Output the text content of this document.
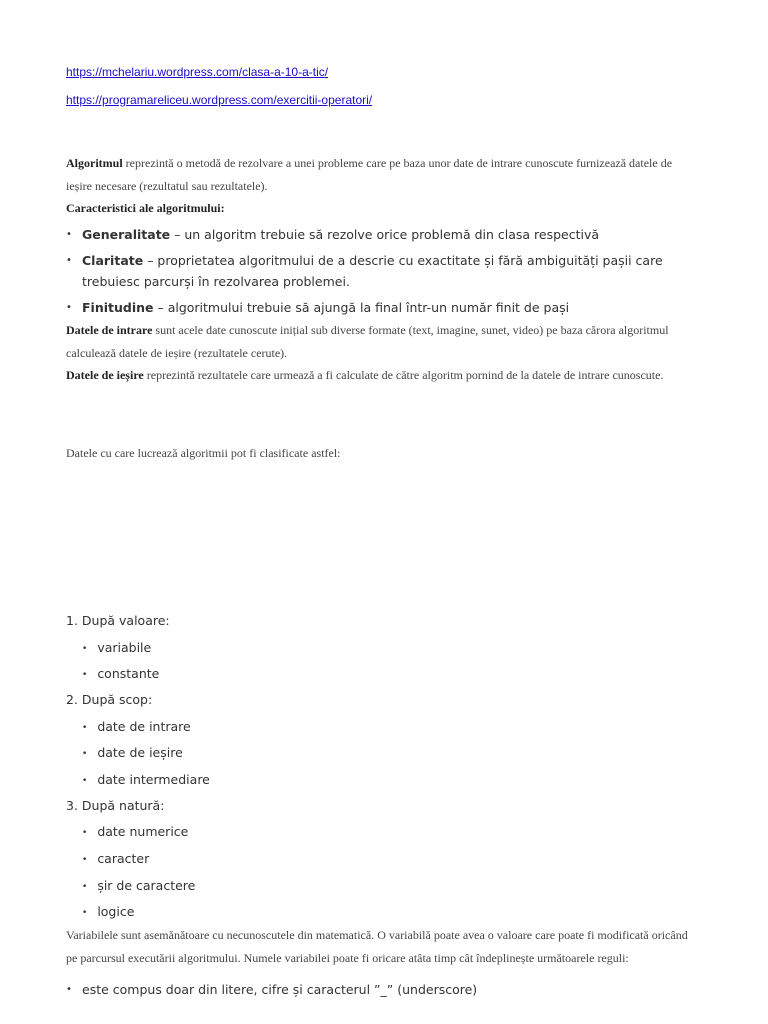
https://mchelariu.wordpress.com/clasa-a-10-a-tic/
https://programareliceu.wordpress.com/exercitii-operatori/
Algoritmul reprezintă o metodă de rezolvare a unei probleme care pe baza unor date de intrare cunoscute furnizează datele de ieșire necesare (rezultatul sau rezultatele).
Caracteristici ale algoritmului:
• Generalitate – un algoritm trebuie să rezolve orice problemă din clasa respectivă
• Claritate – proprietatea algoritmului de a descrie cu exactitate și fără ambiguități pașii care trebuiesc parcurși în rezolvarea problemei.
• Finitudine – algoritmului trebuie să ajungă la final într-un număr finit de pași
Datele de intrare sunt acele date cunoscute inițial sub diverse formate (text, imagine, sunet, video) pe baza cărora algoritmul calculează datele de ieșire (rezultatele cerute).
Datele de ieșire reprezintă rezultatele care urmează a fi calculate de către algoritm pornind de la datele de intrare cunoscute.
Datele cu care lucrează algoritmii pot fi clasificate astfel:
1. După valoare:
• variabile
• constante
2. După scop:
• date de intrare
• date de ieșire
• date intermediare
3. După natură:
• date numerice
• caracter
• șir de caractere
• logice
Variabilele sunt asemănătoare cu necunoscutele din matematică. O variabilă poate avea o valoare care poate fi modificată oricând pe parcursul executării algoritmului. Numele variabilei poate fi oricare atâta timp cât îndeplinește următoarele reguli:
• este compus doar din litere, cifre și caracterul ”_” (underscore)
